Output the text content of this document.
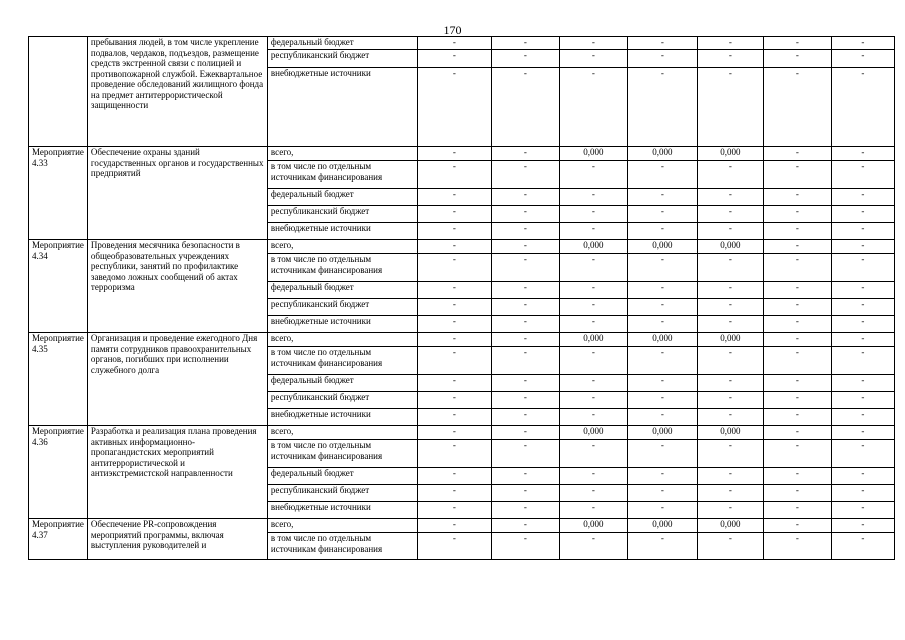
170
	пребывания людей, в том числе укрепление подвалов, чердаков, подъездов, размещение средств экстренной связи с полицией и противопожарной службой. Ежеквартальное проведение обследований жилищного фонда на предмет антитеррористической защищенности	федеральный бюджет	-	-	-	-	-	-	-
		республиканский бюджет	-	-	-	-	-	-	-
		внебюджетные источники	-	-	-	-	-	-	-
Мероприятие 4.33	Обеспечение охраны зданий государственных органов и государственных предприятий	всего,	-	-	0,000	0,000	0,000	-	-
		в том числе по отдельным источникам финансирования	-	-	-	-	-	-	-
		федеральный бюджет	-	-	-	-	-	-	-
		республиканский бюджет	-	-	-	-	-	-	-
		внебюджетные источники	-	-	-	-	-	-	-
Мероприятие 4.34	Проведения месячника безопасности в общеобразовательных учреждениях республики, занятий по профилактике заведомо ложных сообщений об актах терроризма	всего,	-	-	0,000	0,000	0,000	-	-
		в том числе по отдельным источникам финансирования	-	-	-	-	-	-	-
		федеральный бюджет	-	-	-	-	-	-	-
		республиканский бюджет	-	-	-	-	-	-	-
		внебюджетные источники	-	-	-	-	-	-	-
Мероприятие 4.35	Организация и проведение ежегодного Дня памяти сотрудников правоохранительных органов, погибших при исполнении служебного долга	всего,	-	-	0,000	0,000	0,000	-	-
		в том числе по отдельным источникам финансирования	-	-	-	-	-	-	-
		федеральный бюджет	-	-	-	-	-	-	-
		республиканский бюджет	-	-	-	-	-	-	-
		внебюджетные источники	-	-	-	-	-	-	-
Мероприятие 4.36	Разработка и реализация плана проведения активных информационно-пропагандистских мероприятий антитеррористической и антиэкстремистской направленности	всего,	-	-	0,000	0,000	0,000	-	-
		в том числе по отдельным источникам финансирования	-	-	-	-	-	-	-
		федеральный бюджет	-	-	-	-	-	-	-
		республиканский бюджет	-	-	-	-	-	-	-
		внебюджетные источники	-	-	-	-	-	-	-
Мероприятие 4.37	Обеспечение PR-сопровождения мероприятий программы, включая выступления руководителей и	всего,	-	-	0,000	0,000	0,000	-	-
		в том числе по отдельным источникам финансирования	-	-	-	-	-	-	-
